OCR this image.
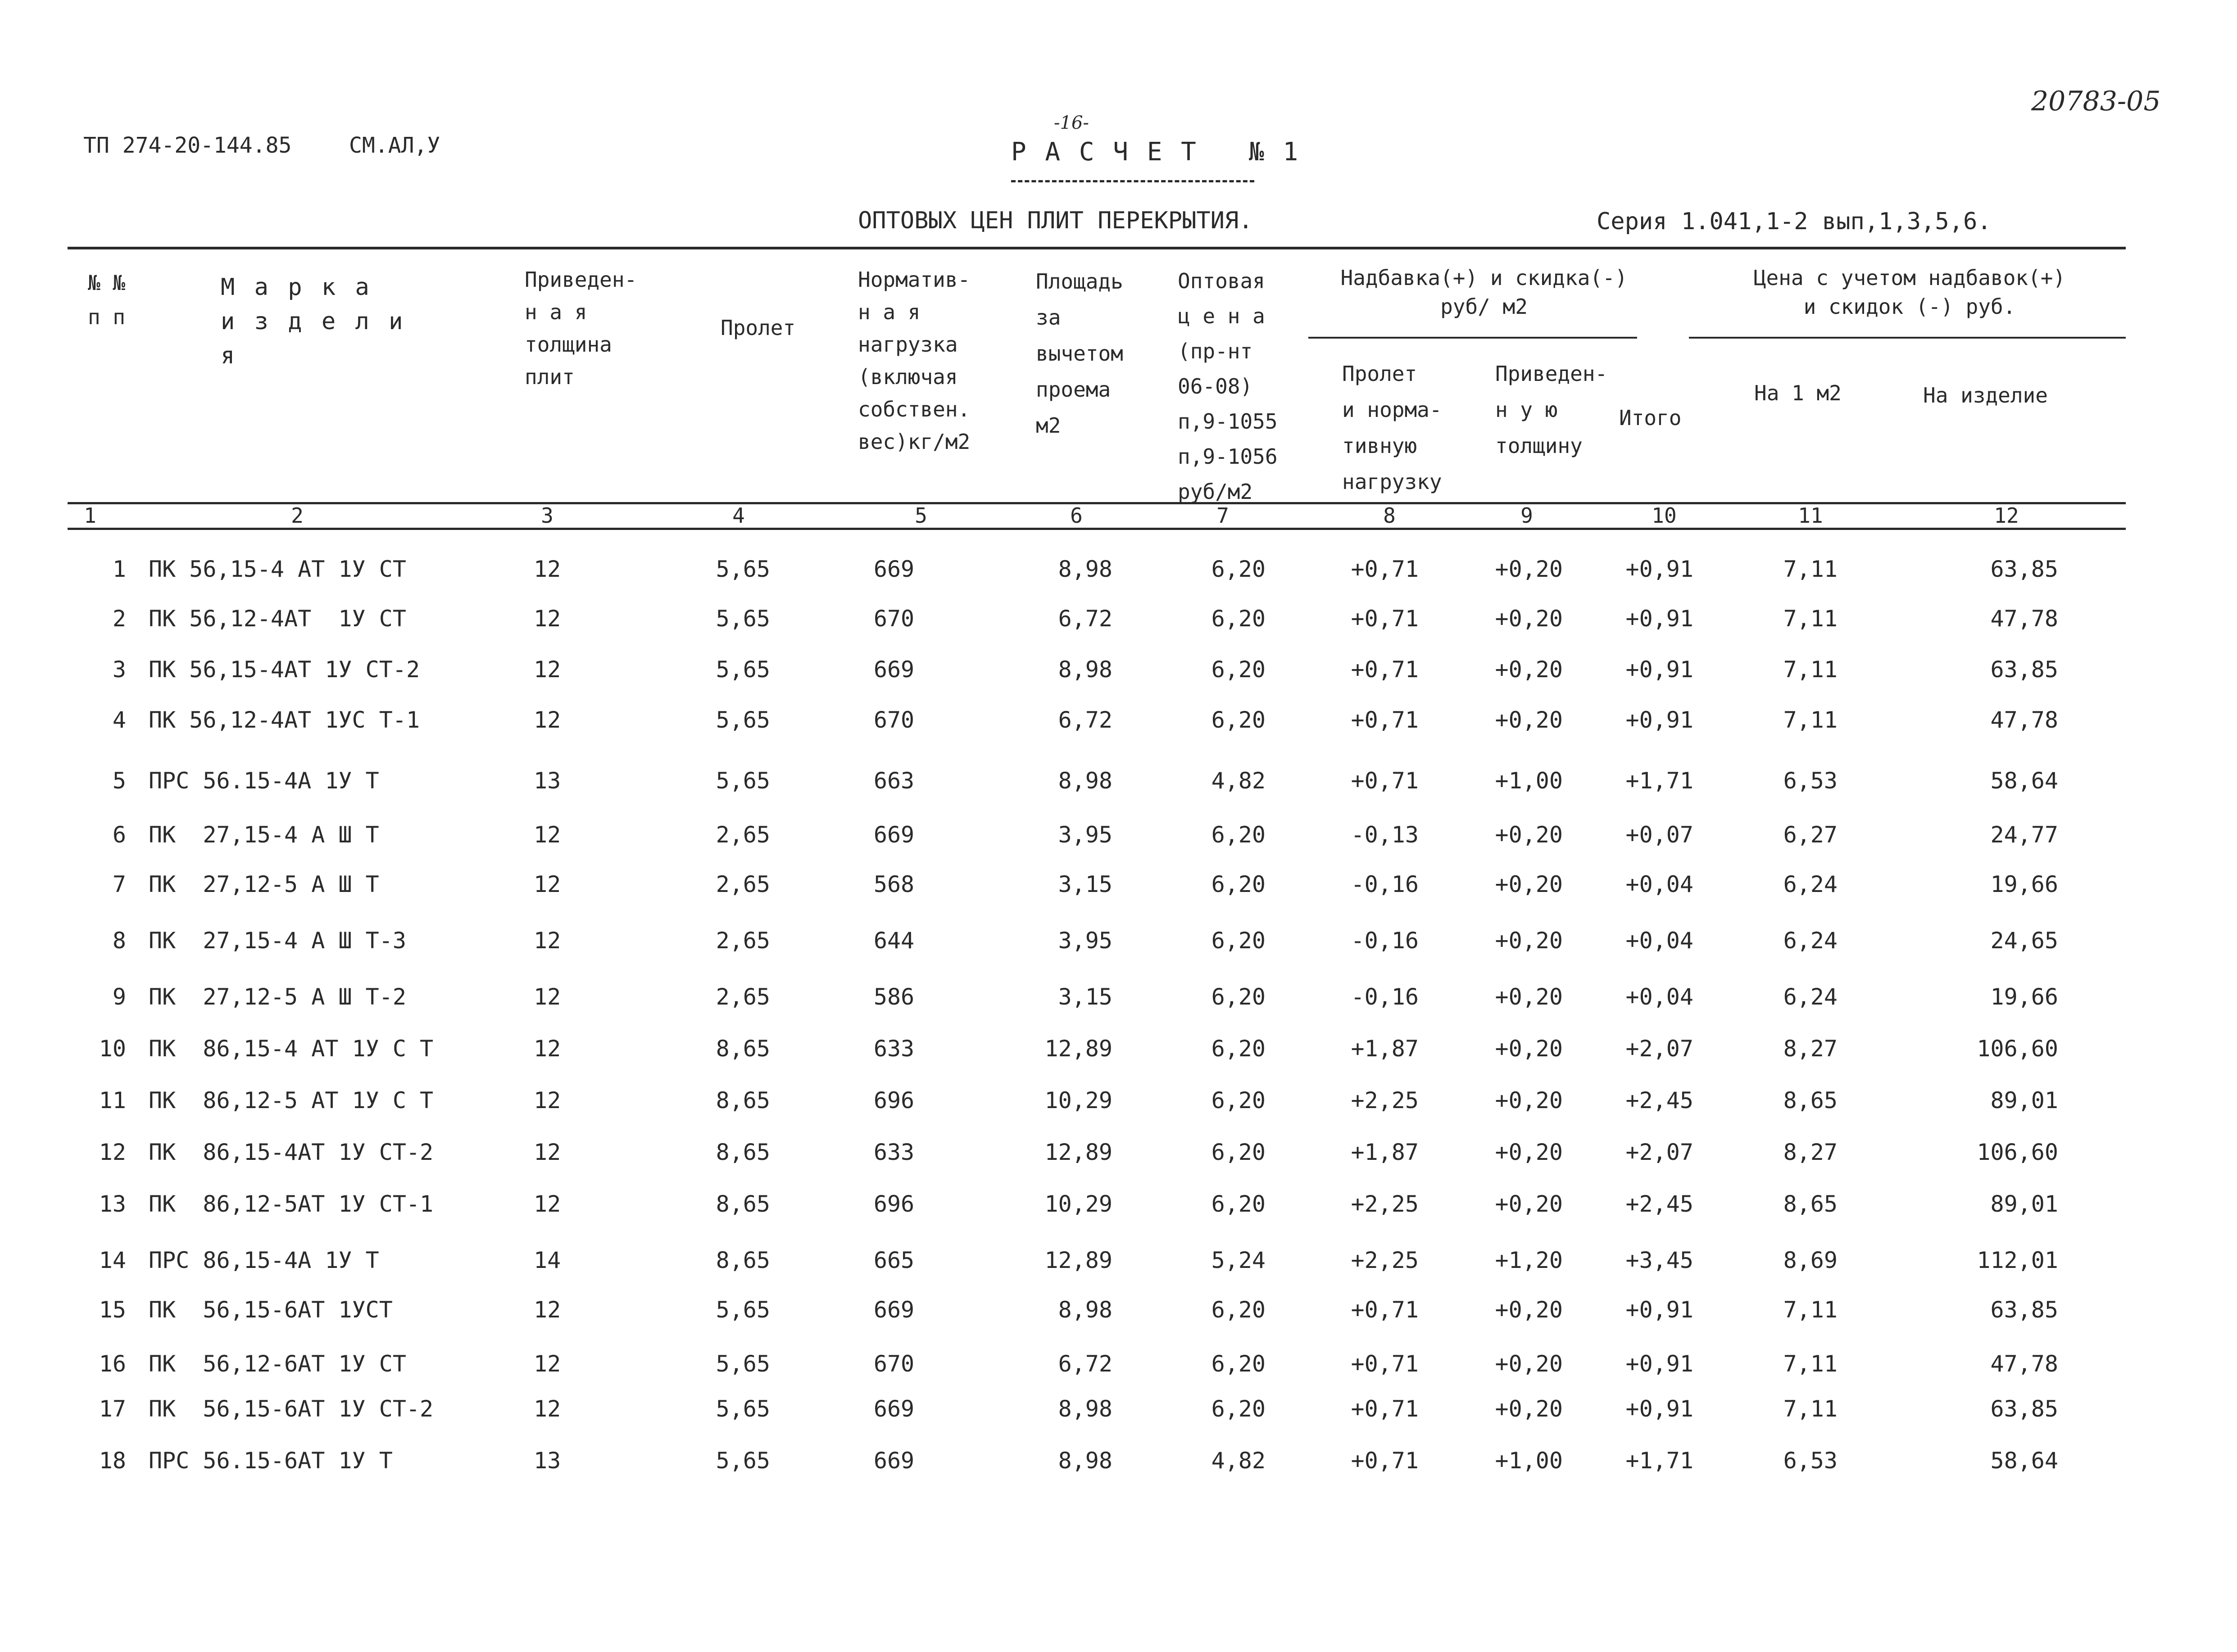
ТП 274-20-144.85	СМ.АЛ,У
-16-
20783-05
Р А С Ч Е Т   № 1
ОПТОВЫХ ЦЕН ПЛИТ ПЕРЕКРЫТИЯ.	Серия 1.041,1-2 вып,1,3,5,6.
№ №
п п
М а р к а
и з д е л и я
Приведен-
н а я
толщина
плит
Пролет
Норматив-
н а я
нагрузка
(включая
собствен.
вес)кг/м2
Площадь
за
вычетом
проема
м2
Оптовая
ц е н а
(пр-нт
06-08)
п,9-1055
п,9-1056
руб/м2
Надбавка(+) и скидка(-)
руб/ м2
Пролет
и норма-
тивную
нагрузку
Приведен-
н у ю
толщину
Итого
Цена с учетом надбавок(+)
и скидок (-) руб.
На 1 м2	На изделие
1	2	3	4	5	6	7	8	9	10	11	12
1 ПК 56,15-4 АТ 1У СТ	12	5,65	669	8,98	6,20	+0,71	+0,20	+0,91	7,11	63,85
2 ПК 56,12-4АТ  1У СТ	12	5,65	670	6,72	6,20	+0,71	+0,20	+0,91	7,11	47,78
3 ПК 56,15-4АТ 1У СТ-2	12	5,65	669	8,98	6,20	+0,71	+0,20	+0,91	7,11	63,85
4 ПК 56,12-4АТ 1УС Т-1	12	5,65	670	6,72	6,20	+0,71	+0,20	+0,91	7,11	47,78
5 ПРС 56.15-4А 1У Т	13	5,65	663	8,98	4,82	+0,71	+1,00	+1,71	6,53	58,64
6 ПК  27,15-4 А Ш Т	12	2,65	669	3,95	6,20	-0,13	+0,20	+0,07	6,27	24,77
7 ПК  27,12-5 А Ш Т	12	2,65	568	3,15	6,20	-0,16	+0,20	+0,04	6,24	19,66
8 ПК  27,15-4 А Ш Т-3	12	2,65	644	3,95	6,20	-0,16	+0,20	+0,04	6,24	24,65
9 ПК  27,12-5 А Ш Т-2	12	2,65	586	3,15	6,20	-0,16	+0,20	+0,04	6,24	19,66
10 ПК  86,15-4 АТ 1У С Т	12	8,65	633	12,89	6,20	+1,87	+0,20	+2,07	8,27	106,60
11 ПК  86,12-5 АТ 1У С Т	12	8,65	696	10,29	6,20	+2,25	+0,20	+2,45	8,65	89,01
12 ПК  86,15-4АТ 1У СТ-2	12	8,65	633	12,89	6,20	+1,87	+0,20	+2,07	8,27	106,60
13 ПК  86,12-5АТ 1У СТ-1	12	8,65	696	10,29	6,20	+2,25	+0,20	+2,45	8,65	89,01
14 ПРС 86,15-4А 1У Т	14	8,65	665	12,89	5,24	+2,25	+1,20	+3,45	8,69	112,01
15 ПК  56,15-6АТ 1УСТ	12	5,65	669	8,98	6,20	+0,71	+0,20	+0,91	7,11	63,85
16 ПК  56,12-6АТ 1У СТ	12	5,65	670	6,72	6,20	+0,71	+0,20	+0,91	7,11	47,78
17 ПК  56,15-6АТ 1У СТ-2	12	5,65	669	8,98	6,20	+0,71	+0,20	+0,91	7,11	63,85
18 ПРС 56.15-6АТ 1У Т	13	5,65	669	8,98	4,82	+0,71	+1,00	+1,71	6,53	58,64
